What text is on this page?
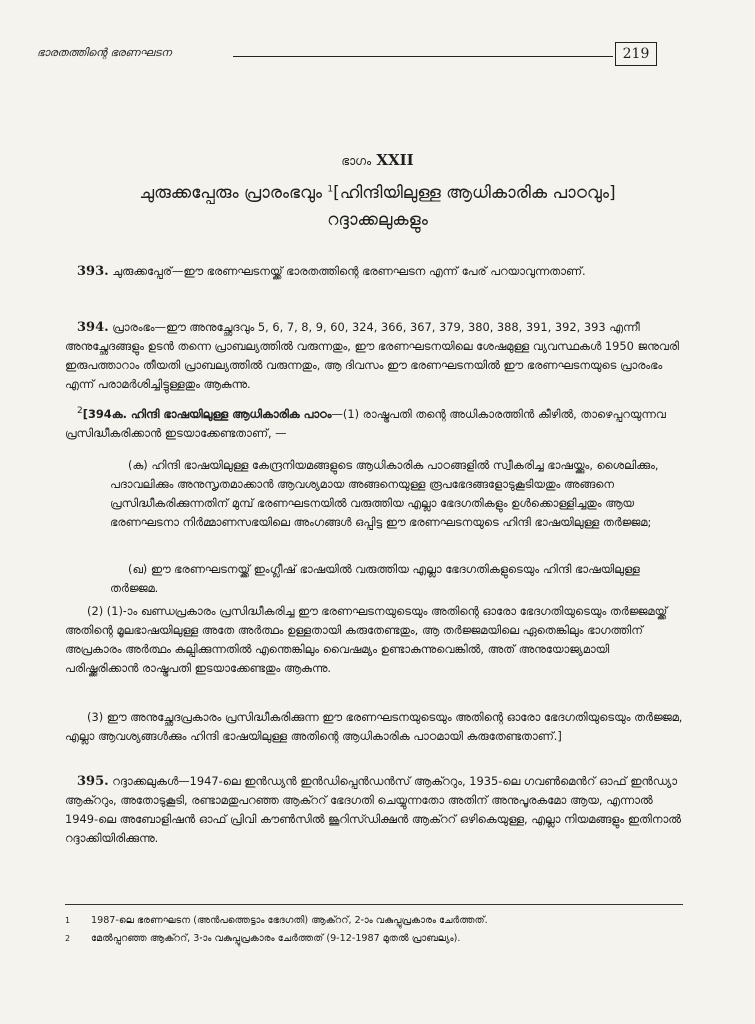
ഭാരതത്തിന്റെ ഭരണഘടന	219
ഭാഗം XXII
ചുരുക്കപ്പേരും പ്രാരംഭവും $^1$[ഹിന്ദിയിലുള്ള ആധികാരിക പാഠവും]
റദ്ദാക്കലുകളും
393. ചുരുക്കപ്പേര്—ഈ ഭരണഘടനയ്ക്ക് ഭാരതത്തിന്റെ ഭരണഘടന എന്ന് പേര് പറയാവുന്നതാണ്.
394. പ്രാരംഭം—ഈ അനുച്ഛേദവും 5, 6, 7, 8, 9, 60, 324, 366, 367, 379, 380, 388, 391, 392, 393 എന്നീ അനുച്ഛേദങ്ങളും ഉടൻ തന്നെ പ്രാബല്യത്തിൽ വരുന്നതും, ഈ ഭരണഘടനയിലെ ശേഷമുള്ള വ്യവസ്ഥകൾ 1950 ജനുവരി ഇരുപത്താറാം തീയതി പ്രാബല്യത്തിൽ വരുന്നതും, ആ ദിവസം ഈ ഭരണഘടനയിൽ ഈ ഭരണഘടനയുടെ പ്രാരംഭം എന്ന് പരാമർശിച്ചിട്ടുള്ളതും ആകുന്നു.
$^2$[394ക. ഹിന്ദി ഭാഷയിലുള്ള ആധികാരിക പാഠം—(1) രാഷ്ട്രപതി തന്റെ അധികാരത്തിൻ കീഴിൽ, താഴെപ്പറയുന്നവ പ്രസിദ്ധീകരിക്കാൻ ഇടയാക്കേണ്ടതാണ്, —
(ക) ഹിന്ദി ഭാഷയിലുള്ള കേന്ദ്രനിയമങ്ങളുടെ ആധികാരിക പാഠങ്ങളിൽ സ്വീകരിച്ച ഭാഷയ്ക്കും, ശൈലിക്കും, പദാവലിക്കും അനുസൃതമാക്കാൻ ആവശ്യമായ അങ്ങനെയുള്ള രൂപഭേദങ്ങളോടുകൂടിയതും അങ്ങനെ പ്രസിദ്ധീകരിക്കുന്നതിന് മുമ്പ് ഭരണഘടനയിൽ വരുത്തിയ എല്ലാ ഭേദഗതികളും ഉൾക്കൊള്ളിച്ചതും ആയ ഭരണഘടനാ നിർമ്മാണസഭയിലെ അംഗങ്ങൾ ഒപ്പിട്ട ഈ ഭരണഘടനയുടെ ഹിന്ദി ഭാഷയിലുള്ള തർജ്ജമ;
(ഖ) ഈ ഭരണഘടനയ്ക്ക് ഇംഗ്ലീഷ് ഭാഷയിൽ വരുത്തിയ എല്ലാ ഭേദഗതികളുടെയും ഹിന്ദി ഭാഷയിലുള്ള തർജ്ജമ.
(2) (1)-ാം ഖണ്ഡപ്രകാരം പ്രസിദ്ധീകരിച്ച ഈ ഭരണഘടനയുടെയും അതിന്റെ ഓരോ ഭേദഗതിയുടെയും തർജ്ജമയ്ക്ക് അതിന്റെ മൂലഭാഷയിലുള്ള അതേ അർത്ഥം ഉള്ളതായി കരുതേണ്ടതും, ആ തർജ്ജമയിലെ ഏതെങ്കിലും ഭാഗത്തിന് അപ്രകാരം അർത്ഥം കല്പിക്കുന്നതിൽ എന്തെങ്കിലും വൈഷമ്യം ഉണ്ടാകുന്നുവെങ്കിൽ, അത് അനുയോജ്യമായി പരിഷ്ക്കരിക്കാൻ രാഷ്ട്രപതി ഇടയാക്കേണ്ടതും ആകുന്നു.
(3) ഈ അനുച്ഛേദപ്രകാരം പ്രസിദ്ധീകരിക്കുന്ന ഈ ഭരണഘടനയുടെയും അതിന്റെ ഓരോ ഭേദഗതിയുടെയും തർജ്ജമ, എല്ലാ ആവശ്യങ്ങൾക്കും ഹിന്ദി ഭാഷയിലുള്ള അതിന്റെ ആധികാരിക പാഠമായി കരുതേണ്ടതാണ്.]
395. റദ്ദാക്കലുകൾ—1947-ലെ ഇൻഡ്യൻ ഇൻഡിപ്പെൻഡൻസ് ആക്ററും, 1935-ലെ ഗവൺമെൻറ് ഓഫ് ഇൻഡ്യാ ആക്ററും, അതോടുകൂടി, രണ്ടാമതുപറഞ്ഞ ആക്ററ് ഭേദഗതി ചെയ്യുന്നതോ അതിന് അനുപൂരകമോ ആയ, എന്നാൽ 1949-ലെ അബോളിഷൻ ഓഫ് പ്രിവി കൗൺസിൽ ജൂറിസ്ഡിക്ഷൻ ആക്ററ് ഒഴികെയുള്ള, എല്ലാ നിയമങ്ങളും ഇതിനാൽ റദ്ദാക്കിയിരിക്കുന്നു.
1 1987-ലെ ഭരണഘടന (അൻപത്തെട്ടാം ഭേദഗതി) ആക്ററ്, 2-ാം വകുപ്പുപ്രകാരം ചേർത്തത്.
2 മേൽപ്പറഞ്ഞ ആക്ററ്, 3-ാം വകുപ്പുപ്രകാരം ചേർത്തത് (9-12-1987 മുതൽ പ്രാബല്യം).
